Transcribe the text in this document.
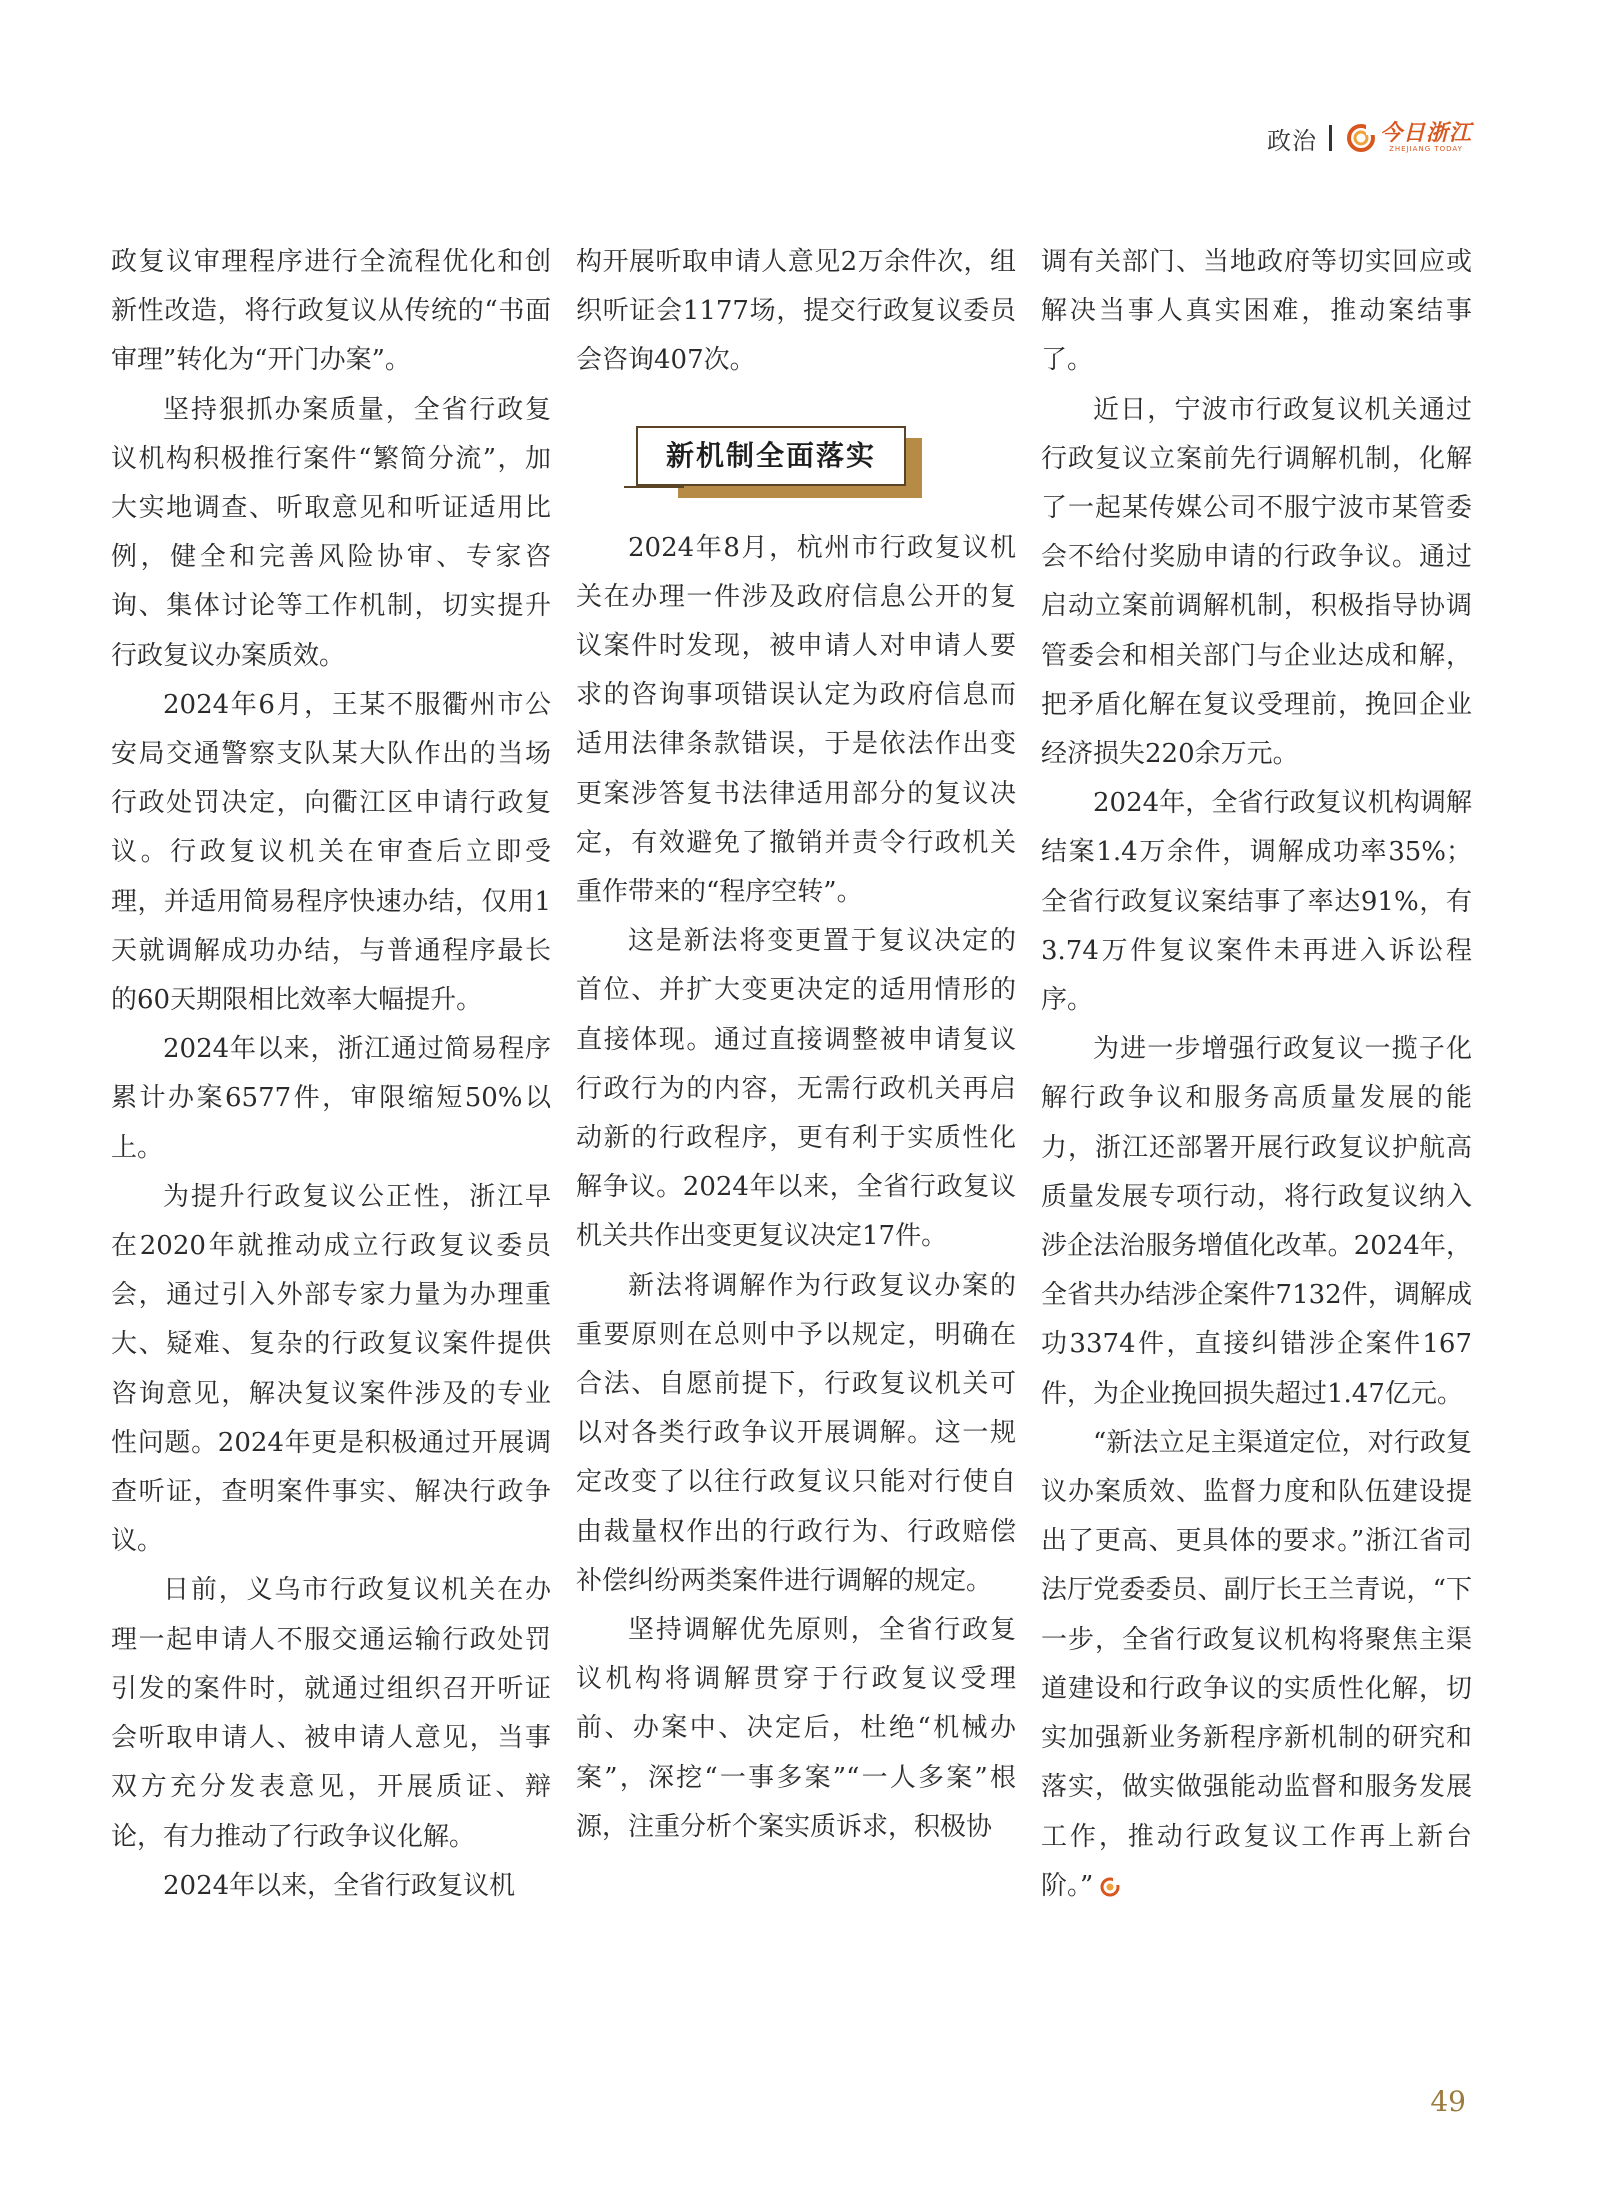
政治	今日浙江
ZHEJIANG TODAY

政复议审理程序进行全流程优化和创新性改造，将行政复议从传统的“书面审理”转化为“开门办案”。

坚持狠抓办案质量，全省行政复议机构积极推行案件“繁简分流”，加大实地调查、听取意见和听证适用比例，健全和完善风险协审、专家咨询、集体讨论等工作机制，切实提升行政复议办案质效。

2024年6月，王某不服衢州市公安局交通警察支队某大队作出的当场行政处罚决定，向衢江区申请行政复议。行政复议机关在审查后立即受理，并适用简易程序快速办结，仅用1天就调解成功办结，与普通程序最长的60天期限相比效率大幅提升。

2024年以来，浙江通过简易程序累计办案6577件，审限缩短50%以上。

为提升行政复议公正性，浙江早在2020年就推动成立行政复议委员会，通过引入外部专家力量为办理重大、疑难、复杂的行政复议案件提供咨询意见，解决复议案件涉及的专业性问题。2024年更是积极通过开展调查听证，查明案件事实、解决行政争议。

日前，义乌市行政复议机关在办理一起申请人不服交通运输行政处罚引发的案件时，就通过组织召开听证会听取申请人、被申请人意见，当事双方充分发表意见，开展质证、辩论，有力推动了行政争议化解。

2024年以来，全省行政复议机

构开展听取申请人意见2万余件次，组织听证会1177场，提交行政复议委员会咨询407次。

新机制全面落实

2024年8月，杭州市行政复议机关在办理一件涉及政府信息公开的复议案件时发现，被申请人对申请人要求的咨询事项错误认定为政府信息而适用法律条款错误，于是依法作出变更案涉答复书法律适用部分的复议决定，有效避免了撤销并责令行政机关重作带来的“程序空转”。

这是新法将变更置于复议决定的首位、并扩大变更决定的适用情形的直接体现。通过直接调整被申请复议行政行为的内容，无需行政机关再启动新的行政程序，更有利于实质性化解争议。2024年以来，全省行政复议机关共作出变更复议决定17件。

新法将调解作为行政复议办案的重要原则在总则中予以规定，明确在合法、自愿前提下，行政复议机关可以对各类行政争议开展调解。这一规定改变了以往行政复议只能对行使自由裁量权作出的行政行为、行政赔偿补偿纠纷两类案件进行调解的规定。

坚持调解优先原则，全省行政复议机构将调解贯穿于行政复议受理前、办案中、决定后，杜绝“机械办案”，深挖“一事多案”“一人多案”根源，注重分析个案实质诉求，积极协

调有关部门、当地政府等切实回应或解决当事人真实困难，推动案结事了。

近日，宁波市行政复议机关通过行政复议立案前先行调解机制，化解了一起某传媒公司不服宁波市某管委会不给付奖励申请的行政争议。通过启动立案前调解机制，积极指导协调管委会和相关部门与企业达成和解，把矛盾化解在复议受理前，挽回企业经济损失220余万元。

2024年，全省行政复议机构调解结案1.4万余件，调解成功率35%；全省行政复议案结事了率达91%，有3.74万件复议案件未再进入诉讼程序。

为进一步增强行政复议一揽子化解行政争议和服务高质量发展的能力，浙江还部署开展行政复议护航高质量发展专项行动，将行政复议纳入涉企法治服务增值化改革。2024年，全省共办结涉企案件7132件，调解成功3374件，直接纠错涉企案件167件，为企业挽回损失超过1.47亿元。

“新法立足主渠道定位，对行政复议办案质效、监督力度和队伍建设提出了更高、更具体的要求。”浙江省司法厅党委委员、副厅长王兰青说，“下一步，全省行政复议机构将聚焦主渠道建设和行政争议的实质性化解，切实加强新业务新程序新机制的研究和落实，做实做强能动监督和服务发展工作，推动行政复议工作再上新台阶。”

49
